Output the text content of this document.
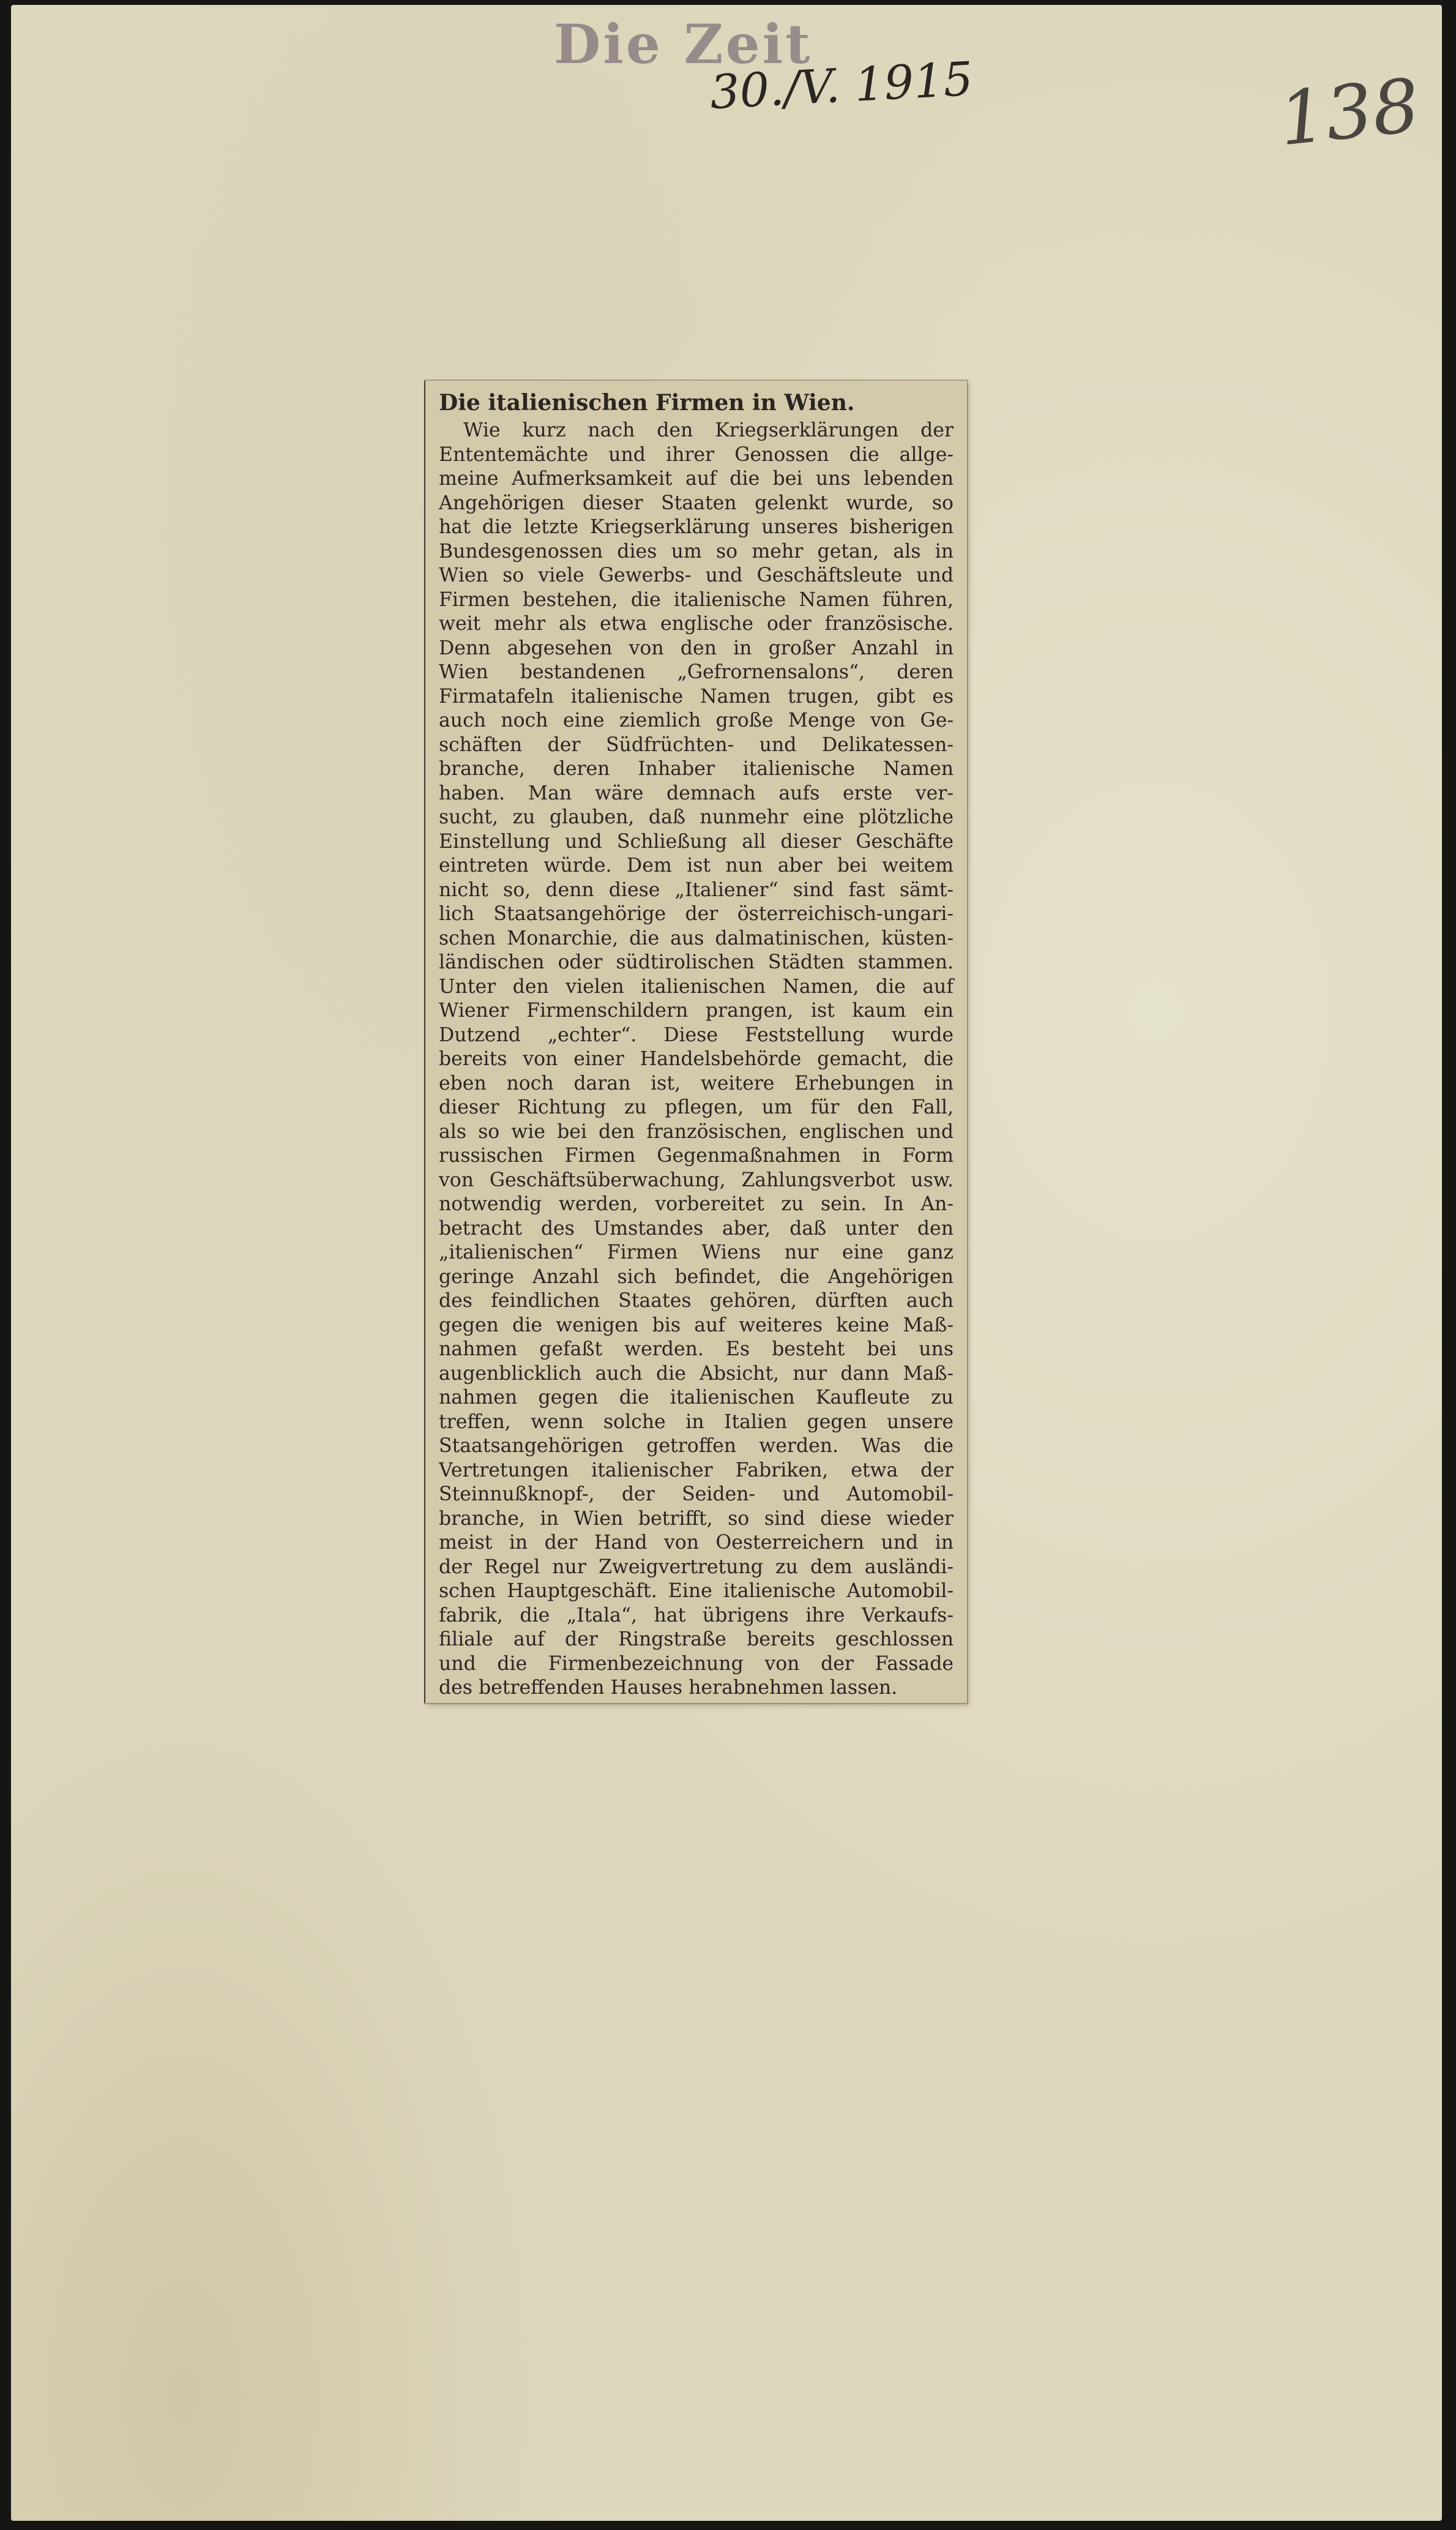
Die Zeit
30./V. 1915	138
Die italienischen Firmen in Wien.
Wie kurz nach den Kriegserklärungen der
Ententemächte und ihrer Genossen die allge-
meine Aufmerksamkeit auf die bei uns lebenden
Angehörigen dieser Staaten gelenkt wurde, so
hat die letzte Kriegserklärung unseres bisherigen
Bundesgenossen dies um so mehr getan, als in
Wien so viele Gewerbs- und Geschäftsleute und
Firmen bestehen, die italienische Namen führen,
weit mehr als etwa englische oder französische.
Denn abgesehen von den in großer Anzahl in
Wien bestandenen „Gefrornensalons“, deren
Firmatafeln italienische Namen trugen, gibt es
auch noch eine ziemlich große Menge von Ge-
schäften der Südfrüchten- und Delikatessen-
branche, deren Inhaber italienische Namen
haben. Man wäre demnach aufs erste ver-
sucht, zu glauben, daß nunmehr eine plötzliche
Einstellung und Schließung all dieser Geschäfte
eintreten würde. Dem ist nun aber bei weitem
nicht so, denn diese „Italiener“ sind fast sämt-
lich Staatsangehörige der österreichisch-ungari-
schen Monarchie, die aus dalmatinischen, küsten-
ländischen oder südtirolischen Städten stammen.
Unter den vielen italienischen Namen, die auf
Wiener Firmenschildern prangen, ist kaum ein
Dutzend „echter“. Diese Feststellung wurde
bereits von einer Handelsbehörde gemacht, die
eben noch daran ist, weitere Erhebungen in
dieser Richtung zu pflegen, um für den Fall,
als so wie bei den französischen, englischen und
russischen Firmen Gegenmaßnahmen in Form
von Geschäftsüberwachung, Zahlungsverbot usw.
notwendig werden, vorbereitet zu sein. In An-
betracht des Umstandes aber, daß unter den
„italienischen“ Firmen Wiens nur eine ganz
geringe Anzahl sich befindet, die Angehörigen
des feindlichen Staates gehören, dürften auch
gegen die wenigen bis auf weiteres keine Maß-
nahmen gefaßt werden. Es besteht bei uns
augenblicklich auch die Absicht, nur dann Maß-
nahmen gegen die italienischen Kaufleute zu
treffen, wenn solche in Italien gegen unsere
Staatsangehörigen getroffen werden. Was die
Vertretungen italienischer Fabriken, etwa der
Steinnußknopf-, der Seiden- und Automobil-
branche, in Wien betrifft, so sind diese wieder
meist in der Hand von Oesterreichern und in
der Regel nur Zweigvertretung zu dem ausländi-
schen Hauptgeschäft. Eine italienische Automobil-
fabrik, die „Itala“, hat übrigens ihre Verkaufs-
filiale auf der Ringstraße bereits geschlossen
und die Firmenbezeichnung von der Fassade
des betreffenden Hauses herabnehmen lassen.
